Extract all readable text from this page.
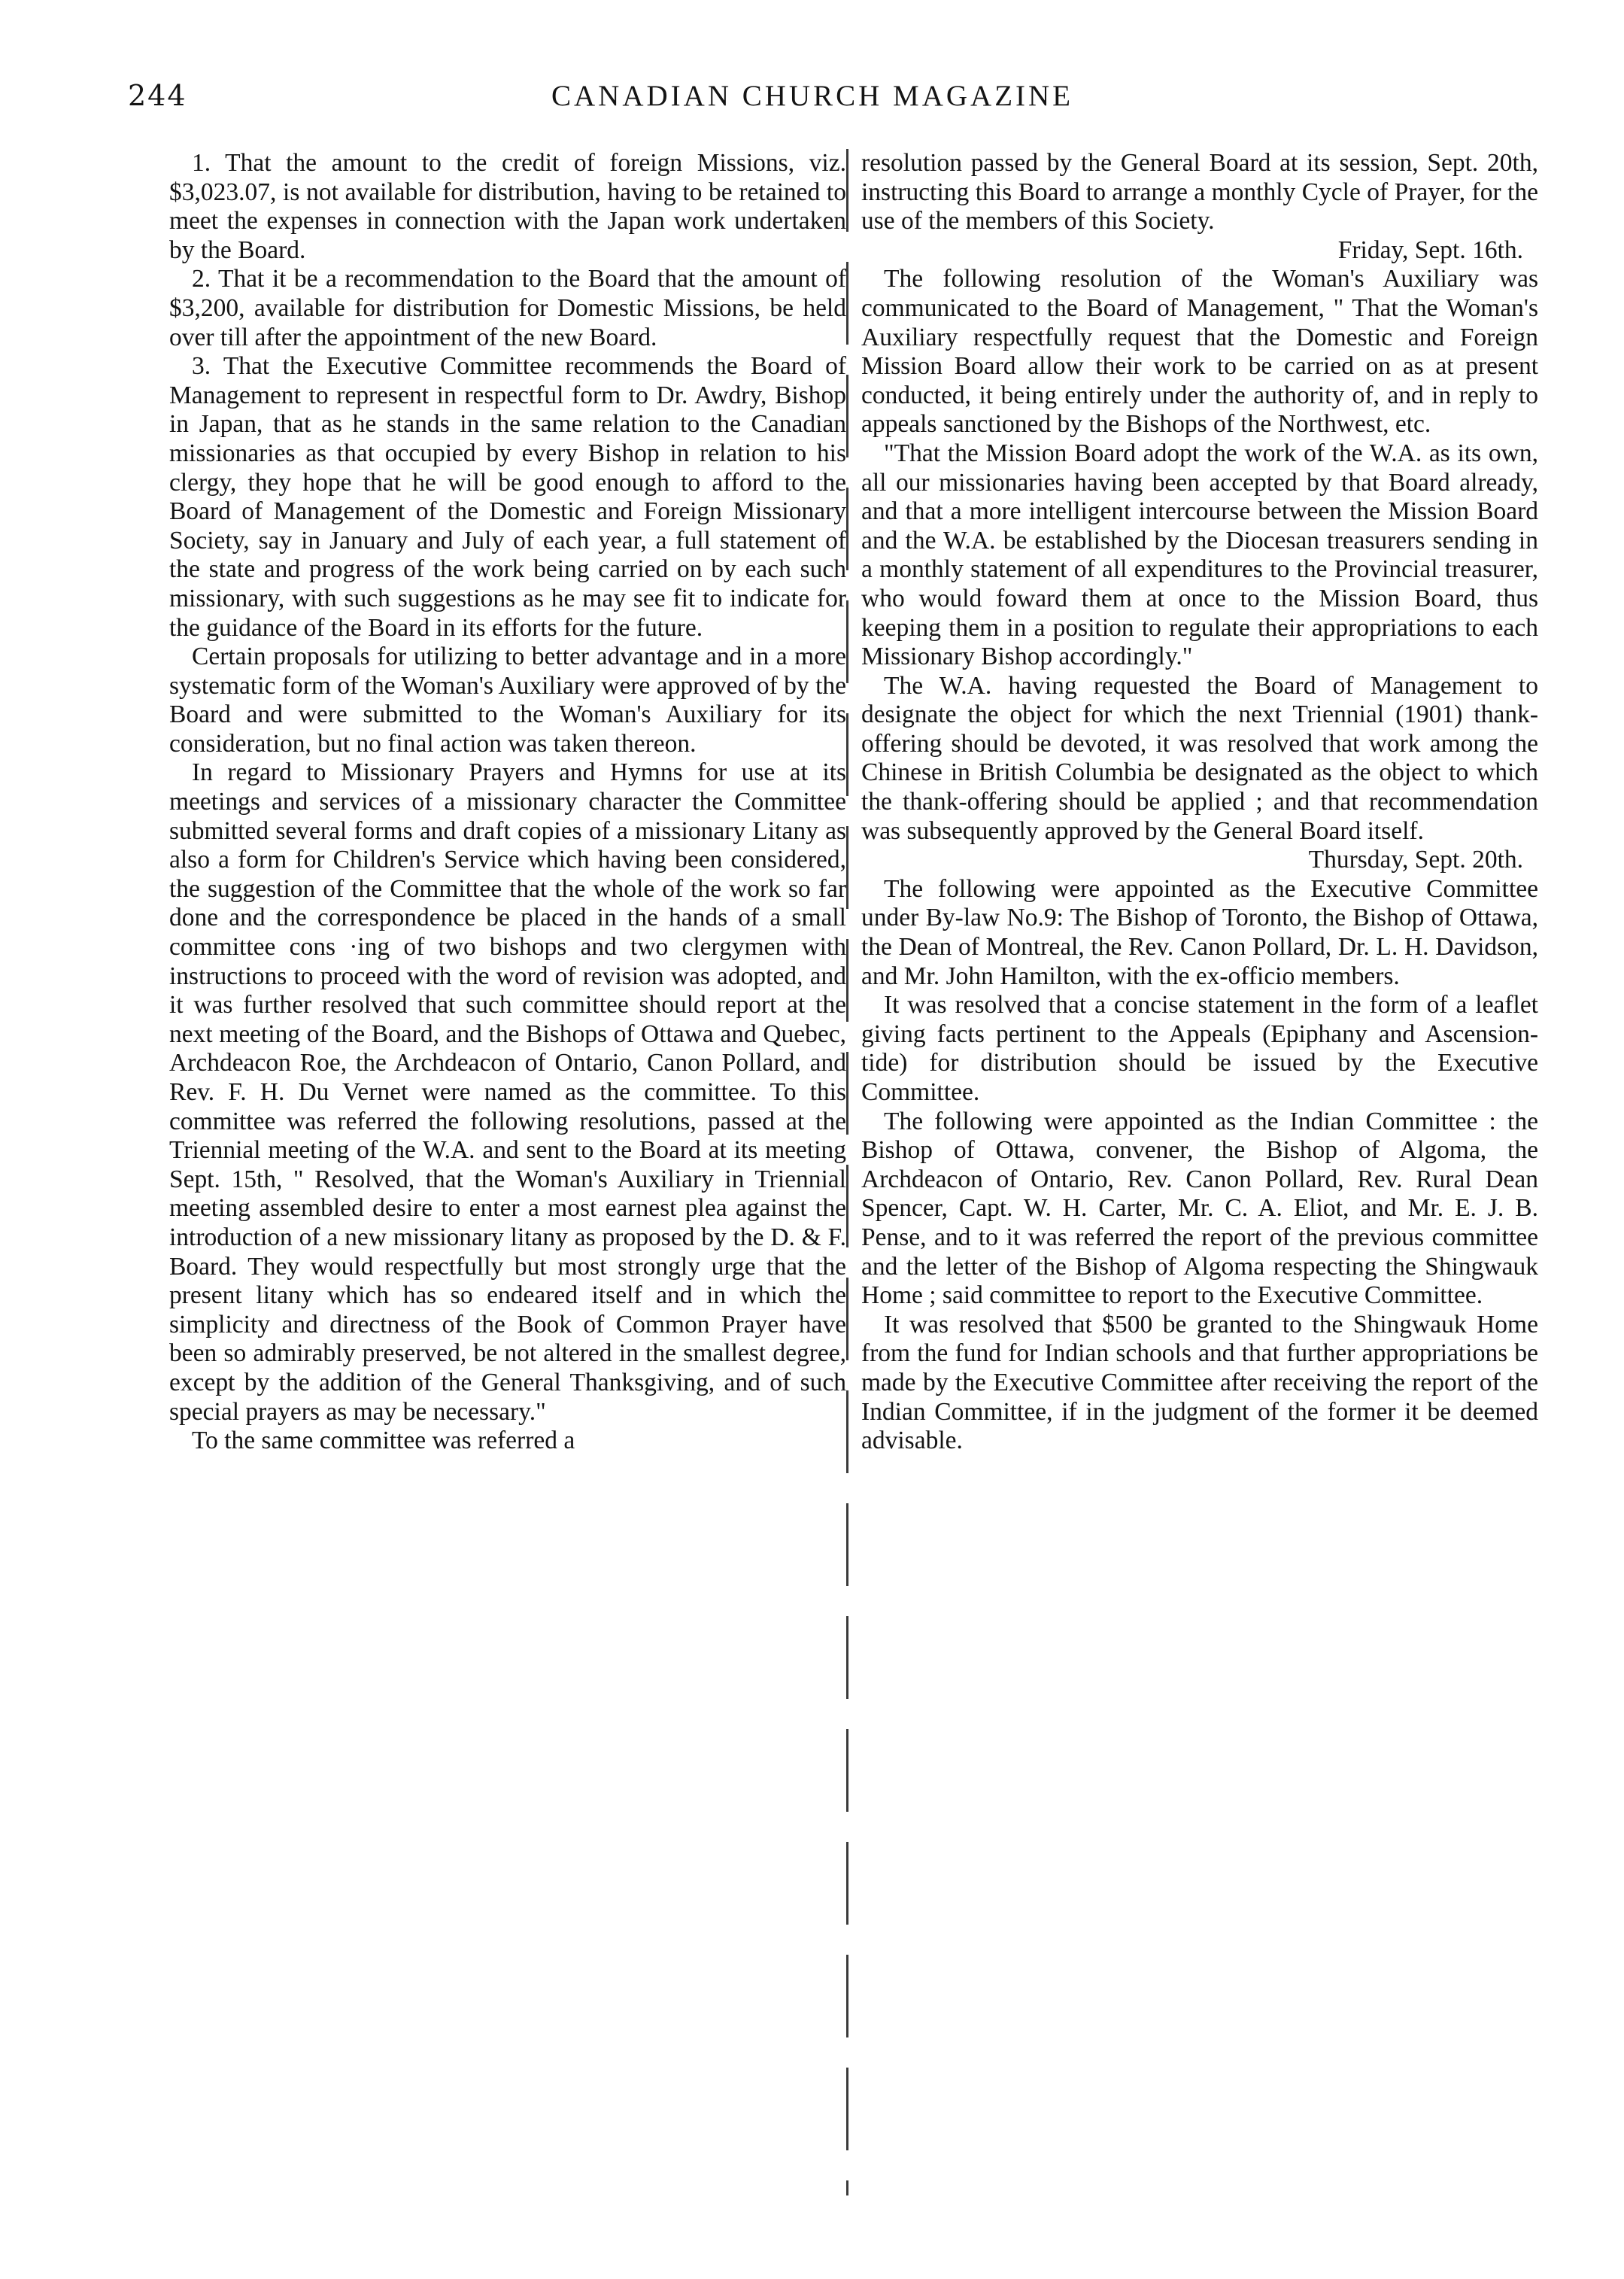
244	CANADIAN CHURCH MAGAZINE

1. That the amount to the credit of foreign Missions, viz. $3,023.07, is not available for distribution, having to be retained to meet the expenses in connection with the Japan work undertaken by the Board.

2. That it be a recommendation to the Board that the amount of $3,200, available for distribution for Domestic Missions, be held over till after the appointment of the new Board.

3. That the Executive Committee recommends the Board of Management to represent in respectful form to Dr. Awdry, Bishop in Japan, that as he stands in the same relation to the Canadian missionaries as that occupied by every Bishop in relation to his clergy, they hope that he will be good enough to afford to the Board of Management of the Domestic and Foreign Missionary Society, say in January and July of each year, a full statement of the state and progress of the work being carried on by each such missionary, with such suggestions as he may see fit to indicate for the guidance of the Board in its efforts for the future.

Certain proposals for utilizing to better advantage and in a more systematic form of the Woman's Auxiliary were approved of by the Board and were submitted to the Woman's Auxiliary for its consideration, but no final action was taken thereon.

In regard to Missionary Prayers and Hymns for use at its meetings and services of a missionary character the Committee submitted several forms and draft copies of a missionary Litany as also a form for Children's Service which having been considered, the suggestion of the Committee that the whole of the work so far done and the correspondence be placed in the hands of a small committee cons ·ing of two bishops and two clergymen with instructions to proceed with the word of revision was adopted, and it was further resolved that such committee should report at the next meeting of the Board, and the Bishops of Ottawa and Quebec, Archdeacon Roe, the Archdeacon of Ontario, Canon Pollard, and Rev. F. H. Du Vernet were named as the committee. To this committee was referred the following resolutions, passed at the Triennial meeting of the W.A. and sent to the Board at its meeting Sept. 15th, " Resolved, that the Woman's Auxiliary in Triennial meeting assembled desire to enter a most earnest plea against the introduction of a new missionary litany as proposed by the D. & F. Board. They would respectfully but most strongly urge that the present litany which has so endeared itself and in which the simplicity and directness of the Book of Common Prayer have been so admirably preserved, be not altered in the smallest degree, except by the addition of the General Thanksgiving, and of such special prayers as may be necessary."

To the same committee was referred a

resolution passed by the General Board at its session, Sept. 20th, instructing this Board to arrange a monthly Cycle of Prayer, for the use of the members of this Society.

Friday, Sept. 16th.

The following resolution of the Woman's Auxiliary was communicated to the Board of Management, " That the Woman's Auxiliary respectfully request that the Domestic and Foreign Mission Board allow their work to be carried on as at present conducted, it being entirely under the authority of, and in reply to appeals sanctioned by the Bishops of the Northwest, etc.

"That the Mission Board adopt the work of the W.A. as its own, all our missionaries having been accepted by that Board already, and that a more intelligent intercourse between the Mission Board and the W.A. be established by the Diocesan treasurers sending in a monthly statement of all expenditures to the Provincial treasurer, who would foward them at once to the Mission Board, thus keeping them in a position to regulate their appropriations to each Missionary Bishop accordingly."

The W.A. having requested the Board of Management to designate the object for which the next Triennial (1901) thank-offering should be devoted, it was resolved that work among the Chinese in British Columbia be designated as the object to which the thank-offering should be applied ; and that recommendation was subsequently approved by the General Board itself.

Thursday, Sept. 20th.

The following were appointed as the Executive Committee under By-law No.9: The Bishop of Toronto, the Bishop of Ottawa, the Dean of Montreal, the Rev. Canon Pollard, Dr. L. H. Davidson, and Mr. John Hamilton, with the ex-officio members.

It was resolved that a concise statement in the form of a leaflet giving facts pertinent to the Appeals (Epiphany and Ascension-tide) for distribution should be issued by the Executive Committee.

The following were appointed as the Indian Committee : the Bishop of Ottawa, convener, the Bishop of Algoma, the Archdeacon of Ontario, Rev. Canon Pollard, Rev. Rural Dean Spencer, Capt. W. H. Carter, Mr. C. A. Eliot, and Mr. E. J. B. Pense, and to it was referred the report of the previous committee and the letter of the Bishop of Algoma respecting the Shingwauk Home ; said committee to report to the Executive Committee.

It was resolved that $500 be granted to the Shingwauk Home from the fund for Indian schools and that further appropriations be made by the Executive Committee after receiving the report of the Indian Committee, if in the judgment of the former it be deemed advisable.
